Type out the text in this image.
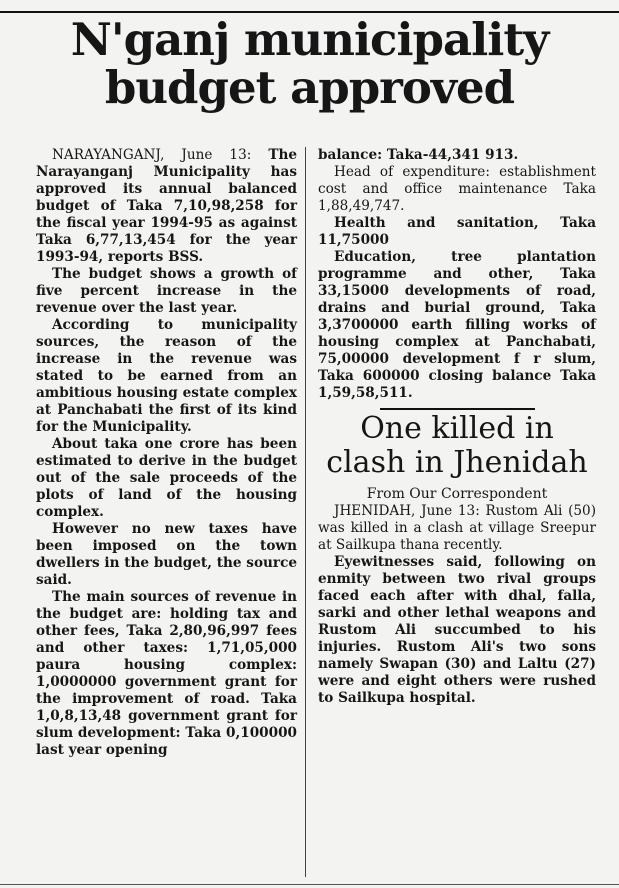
N'ganj municipality
budget approved

NARAYANGANJ, June 13: The Narayanganj Municipality has approved its annual balanced budget of Taka 7,10,98,258 for the fiscal year 1994-95 as against Taka 6,77,13,454 for the year 1993-94, reports BSS.

The budget shows a growth of five percent increase in the revenue over the last year.

According to municipality sources, the reason of the increase in the revenue was stated to be earned from an ambitious housing estate complex at Panchabati the first of its kind for the Municipality.

About taka one crore has been estimated to derive in the budget out of the sale proceeds of the plots of land of the housing complex.

However no new taxes have been imposed on the town dwellers in the budget, the source said.

The main sources of revenue in the budget are: holding tax and other fees, Taka 2,80,96,997 fees and other taxes: 1,71,05,000 paura housing complex: 1,0000000 government grant for the improvement of road. Taka 1,0,8,13,48 government grant for slum development: Taka 0,100000 last year opening

balance: Taka-44,341 913.

Head of expenditure: establishment cost and office maintenance Taka 1,88,49,747.

Health and sanitation, Taka 11,75000

Education, tree plantation programme and other, Taka 33,15000 developments of road, drains and burial ground, Taka 3,3700000 earth filling works of housing complex at Panchabati, 75,00000 development f r slum, Taka 600000 closing balance Taka 1,59,58,511.

One killed in clash in Jhenidah

From Our Correspondent

JHENIDAH, June 13: Rustom Ali (50) was killed in a clash at village Sreepur at Sailkupa thana recently.

Eyewitnesses said, following on enmity between two rival groups faced each after with dhal, falla, sarki and other lethal weapons and Rustom Ali succumbed to his injuries. Rustom Ali's two sons namely Swapan (30) and Laltu (27) were and eight others were rushed to Sailkupa hospital.
